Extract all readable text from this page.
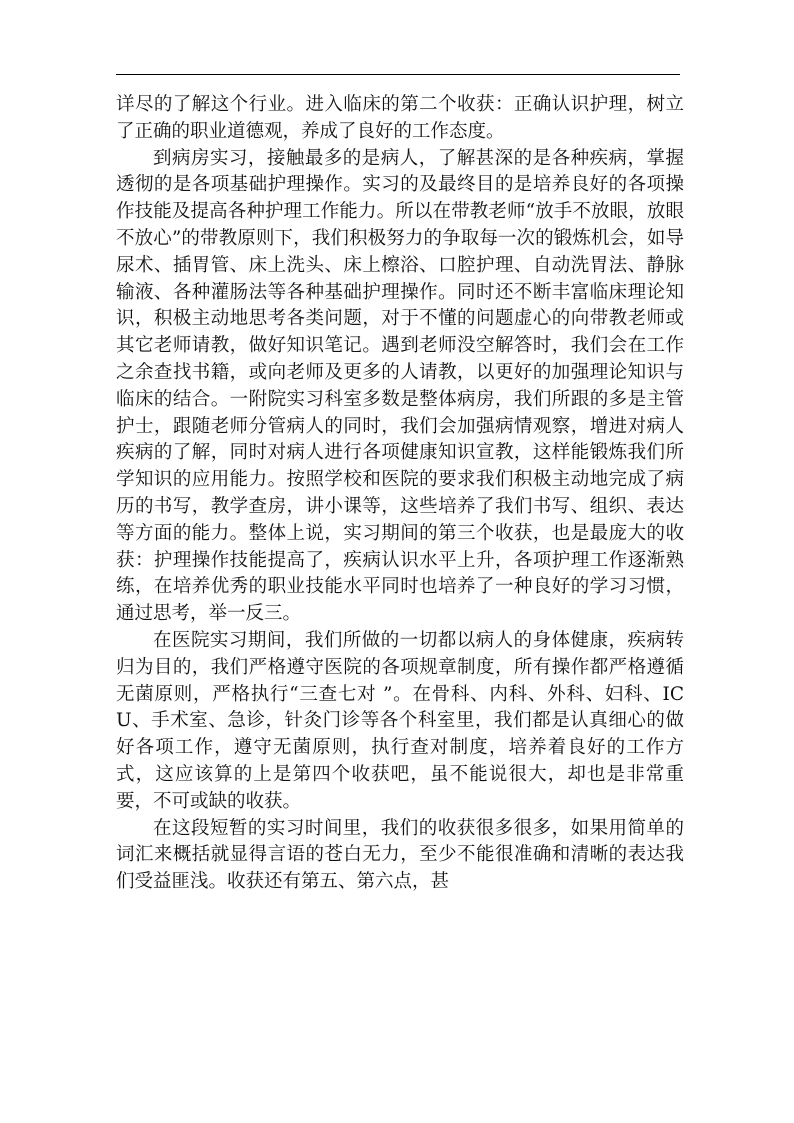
详尽的了解这个行业。进入临床的第二个收获：正确认识护理，树立了正确的职业道德观，养成了良好的工作态度。

到病房实习，接触最多的是病人，了解甚深的是各种疾病，掌握透彻的是各项基础护理操作。实习的及最终目的是培养良好的各项操作技能及提高各种护理工作能力。所以在带教老师“放手不放眼，放眼不放心”的带教原则下，我们积极努力的争取每一次的锻炼机会，如导尿术、插胃管、床上洗头、床上檫浴、口腔护理、自动洗胃法、静脉输液、各种灌肠法等各种基础护理操作。同时还不断丰富临床理论知识，积极主动地思考各类问题，对于不懂的问题虚心的向带教老师或其它老师请教，做好知识笔记。遇到老师没空解答时，我们会在工作之余查找书籍，或向老师及更多的人请教，以更好的加强理论知识与临床的结合。一附院实习科室多数是整体病房，我们所跟的多是主管护士，跟随老师分管病人的同时，我们会加强病情观察，增进对病人疾病的了解，同时对病人进行各项健康知识宣教，这样能锻炼我们所学知识的应用能力。按照学校和医院的要求我们积极主动地完成了病历的书写，教学查房，讲小课等，这些培养了我们书写、组织、表达等方面的能力。整体上说，实习期间的第三个收获，也是最庞大的收获：护理操作技能提高了，疾病认识水平上升，各项护理工作逐渐熟练，在培养优秀的职业技能水平同时也培养了一种良好的学习习惯，通过思考，举一反三。

在医院实习期间，我们所做的一切都以病人的身体健康，疾病转归为目的，我们严格遵守医院的各项规章制度，所有操作都严格遵循无菌原则，严格执行“三查七对 ”。在骨科、内科、外科、妇科、ICU、手术室、急诊，针灸门诊等各个科室里，我们都是认真细心的做好各项工作，遵守无菌原则，执行查对制度，培养着良好的工作方式，这应该算的上是第四个收获吧，虽不能说很大，却也是非常重要，不可或缺的收获。

在这段短暂的实习时间里，我们的收获很多很多，如果用简单的词汇来概括就显得言语的苍白无力，至少不能很准确和清晰的表达我们受益匪浅。收获还有第五、第六点，甚
